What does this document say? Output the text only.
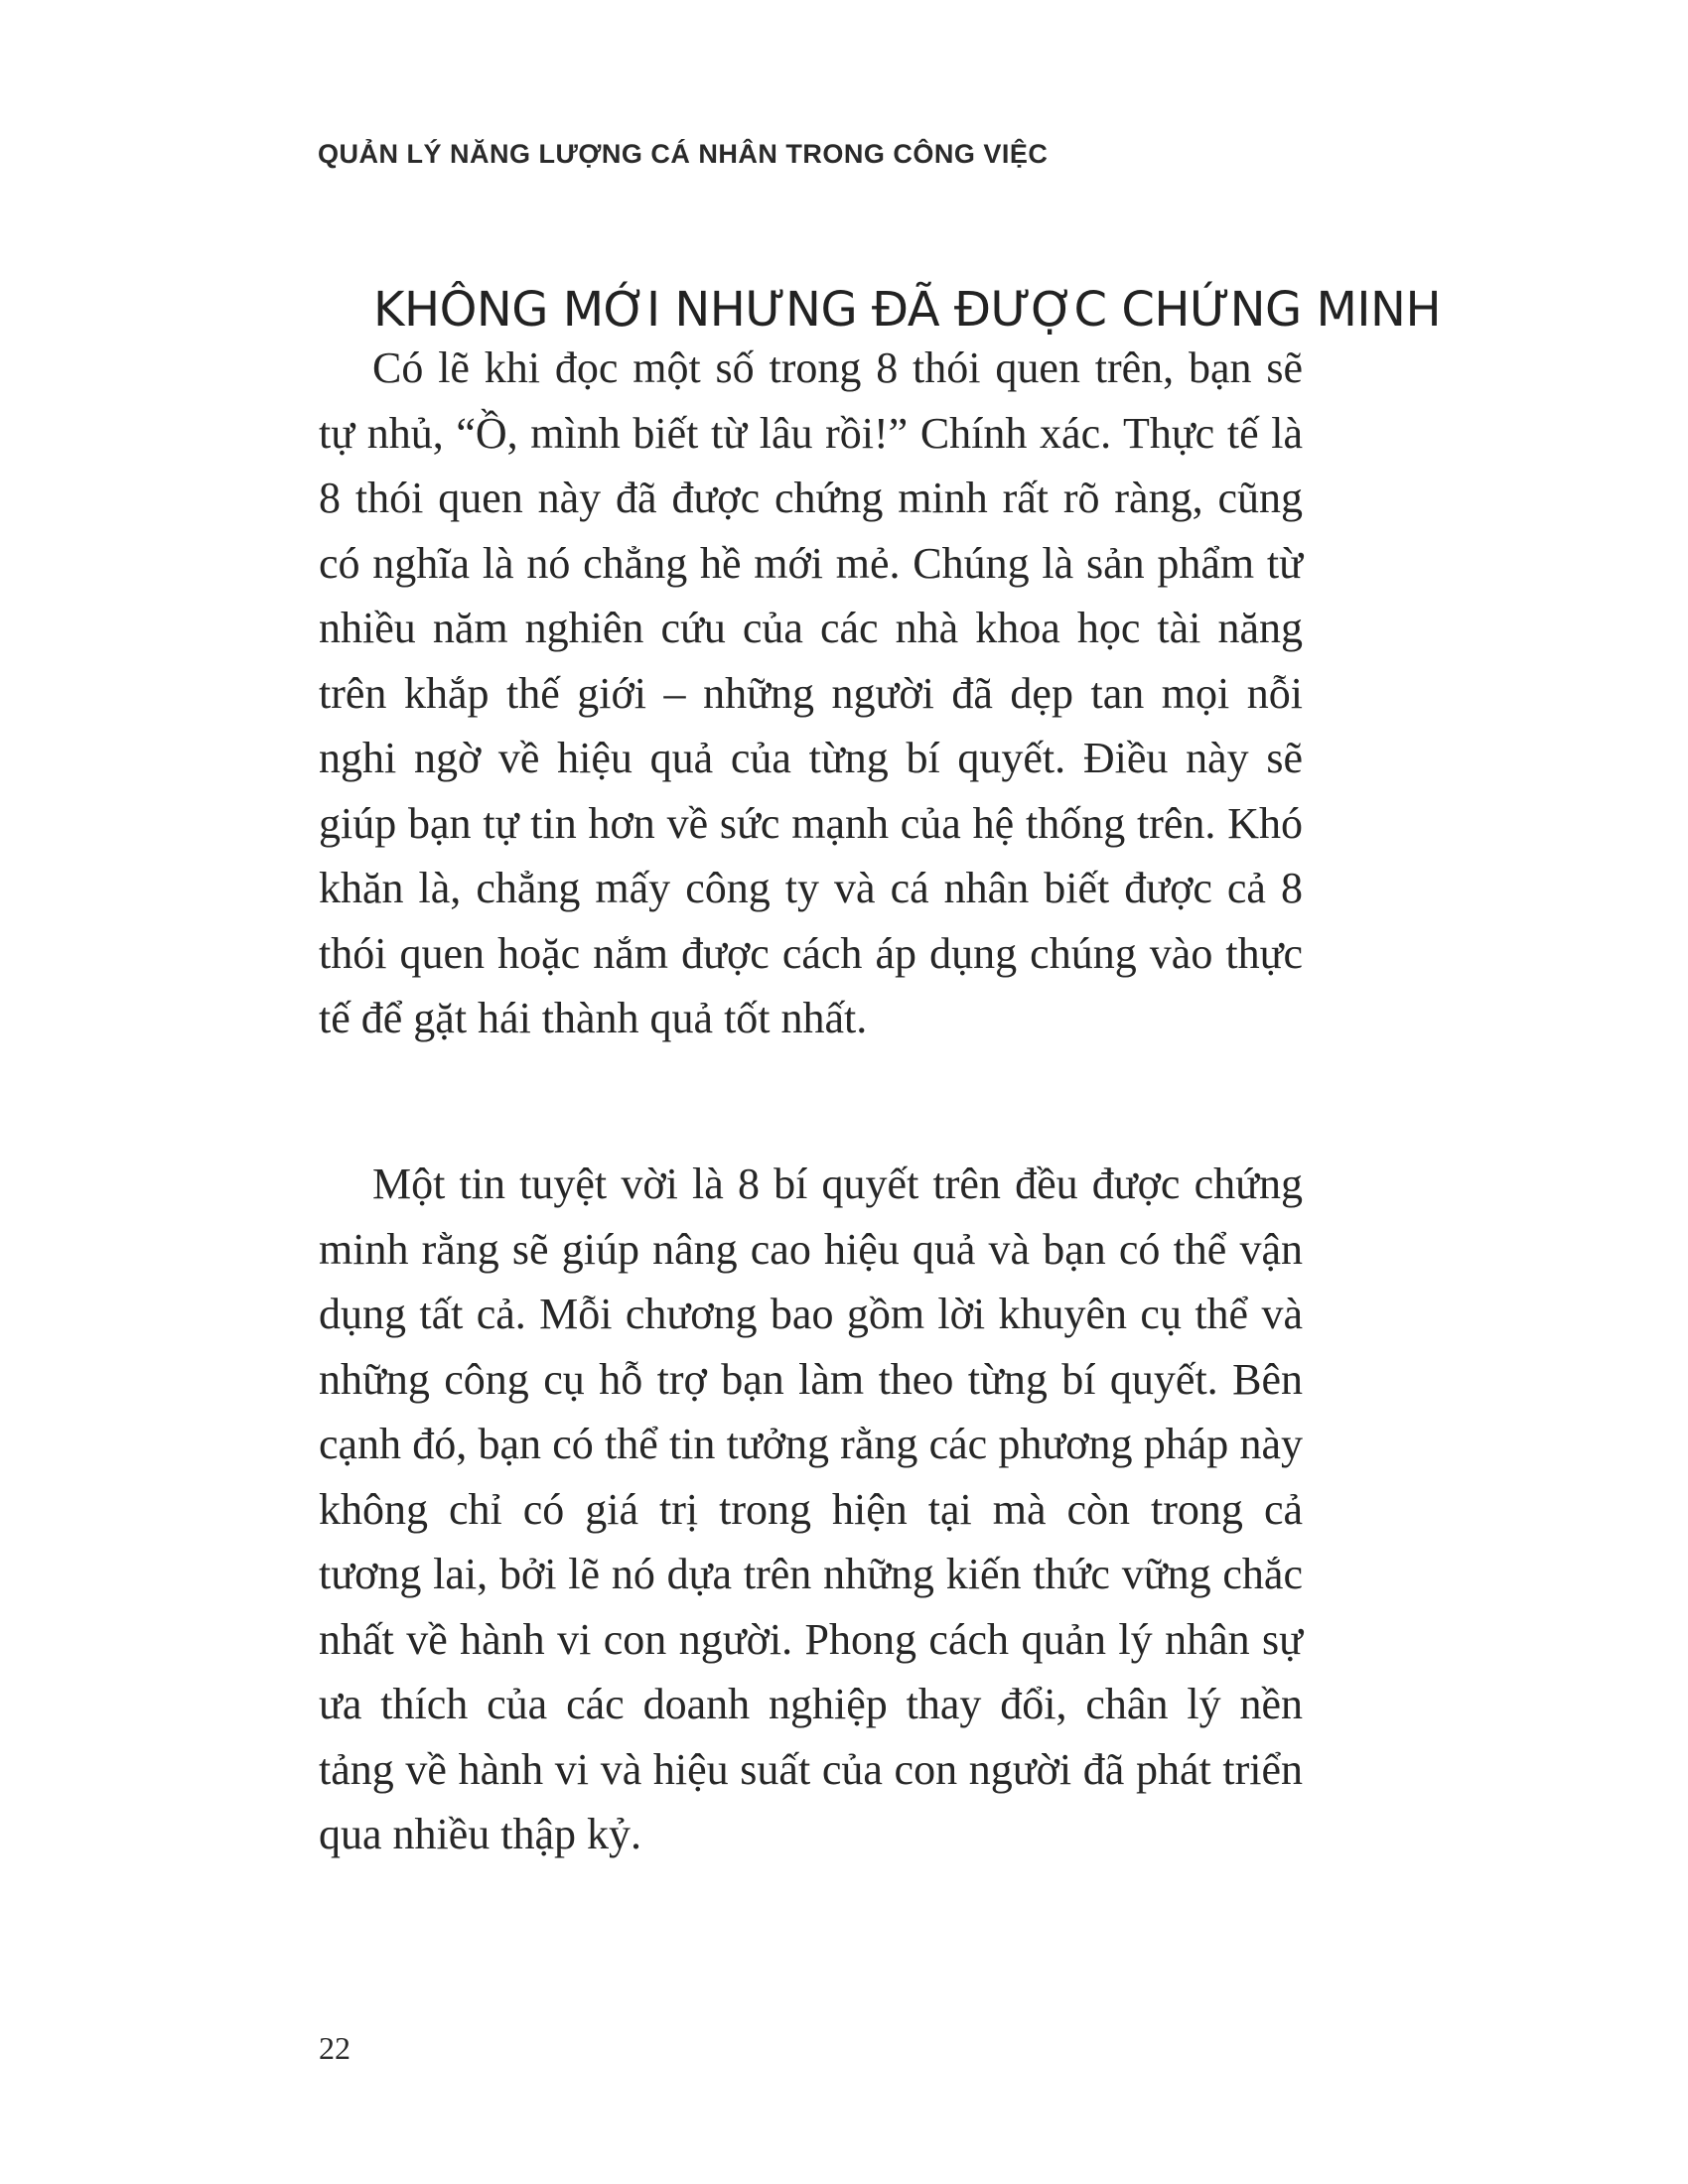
QUẢN LÝ NĂNG LƯỢNG CÁ NHÂN TRONG CÔNG VIỆC
KHÔNG MỚI NHƯNG ĐÃ ĐƯỢC CHỨNG MINH

Có lẽ khi đọc một số trong 8 thói quen trên, bạn sẽ tự nhủ, “Ồ, mình biết từ lâu rồi!” Chính xác. Thực tế là 8 thói quen này đã được chứng minh rất rõ ràng, cũng có nghĩa là nó chẳng hề mới mẻ. Chúng là sản phẩm từ nhiều năm nghiên cứu của các nhà khoa học tài năng trên khắp thế giới – những người đã dẹp tan mọi nỗi nghi ngờ về hiệu quả của từng bí quyết. Điều này sẽ giúp bạn tự tin hơn về sức mạnh của hệ thống trên. Khó khăn là, chẳng mấy công ty và cá nhân biết được cả 8 thói quen hoặc nắm được cách áp dụng chúng vào thực tế để gặt hái thành quả tốt nhất.

Một tin tuyệt vời là 8 bí quyết trên đều được chứng minh rằng sẽ giúp nâng cao hiệu quả và bạn có thể vận dụng tất cả. Mỗi chương bao gồm lời khuyên cụ thể và những công cụ hỗ trợ bạn làm theo từng bí quyết. Bên cạnh đó, bạn có thể tin tưởng rằng các phương pháp này không chỉ có giá trị trong hiện tại mà còn trong cả tương lai, bởi lẽ nó dựa trên những kiến thức vững chắc nhất về hành vi con người. Phong cách quản lý nhân sự ưa thích của các doanh nghiệp thay đổi, chân lý nền tảng về hành vi và hiệu suất của con người đã phát triển qua nhiều thập kỷ.

22
